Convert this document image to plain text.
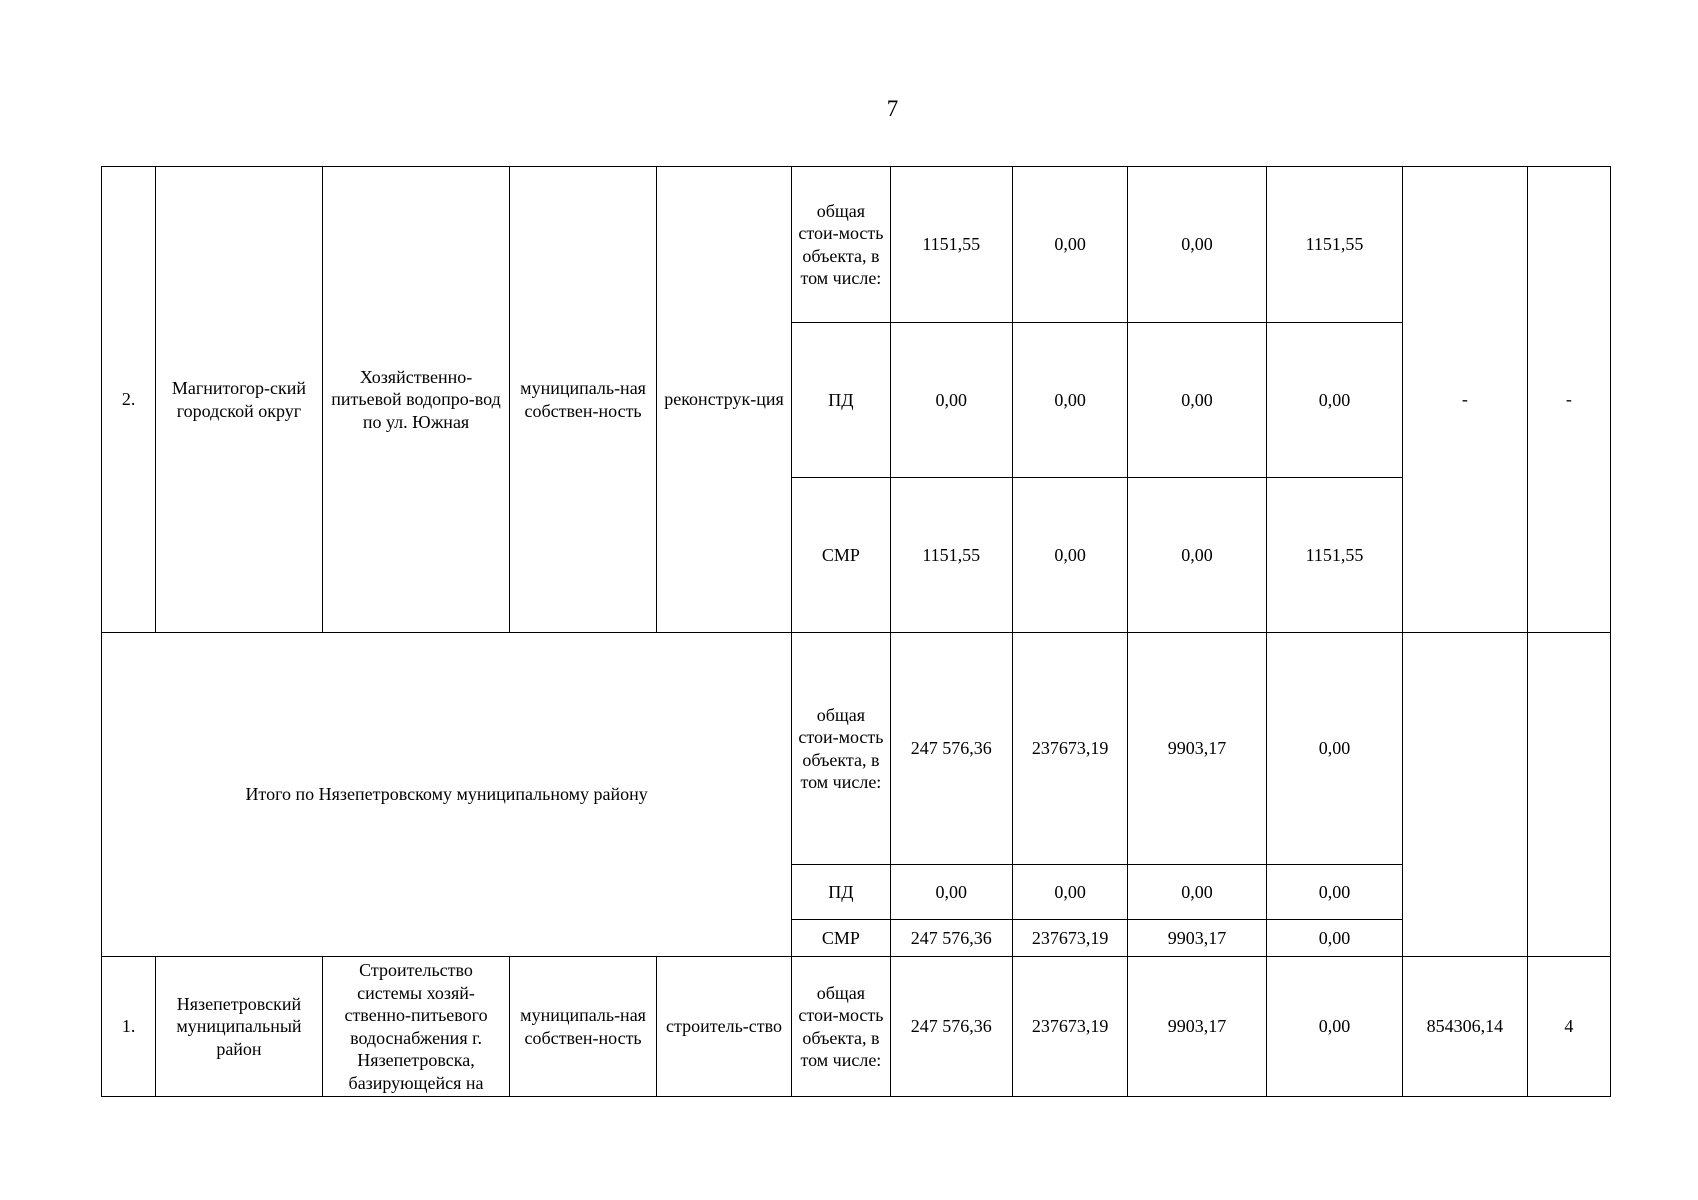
7
2.	Магнитогор-ский городской округ	Хозяйственно-питьевой водопро-вод по ул. Южная	муниципаль-ная собствен-ность	реконструк-ция	общая стои-мость объекта, в том числе:	1151,55	0,00	0,00	1151,55	-	-
					ПД	0,00	0,00	0,00	0,00		
					СМР	1151,55	0,00	0,00	1151,55		
Итого по Нязепетровскому муниципальному району					общая стои-мость объекта, в том числе:	247 576,36	237673,19	9903,17	0,00		
					ПД	0,00	0,00	0,00	0,00		
					СМР	247 576,36	237673,19	9903,17	0,00		
1.	Нязепетровский муниципальный район	Строительство системы хозяй-ственно-питьевого водоснабжения г. Нязепетровска, базирующейся на	муниципаль-ная собствен-ность	строитель-ство	общая стои-мость объекта, в том числе:	247 576,36	237673,19	9903,17	0,00	854306,14	4
